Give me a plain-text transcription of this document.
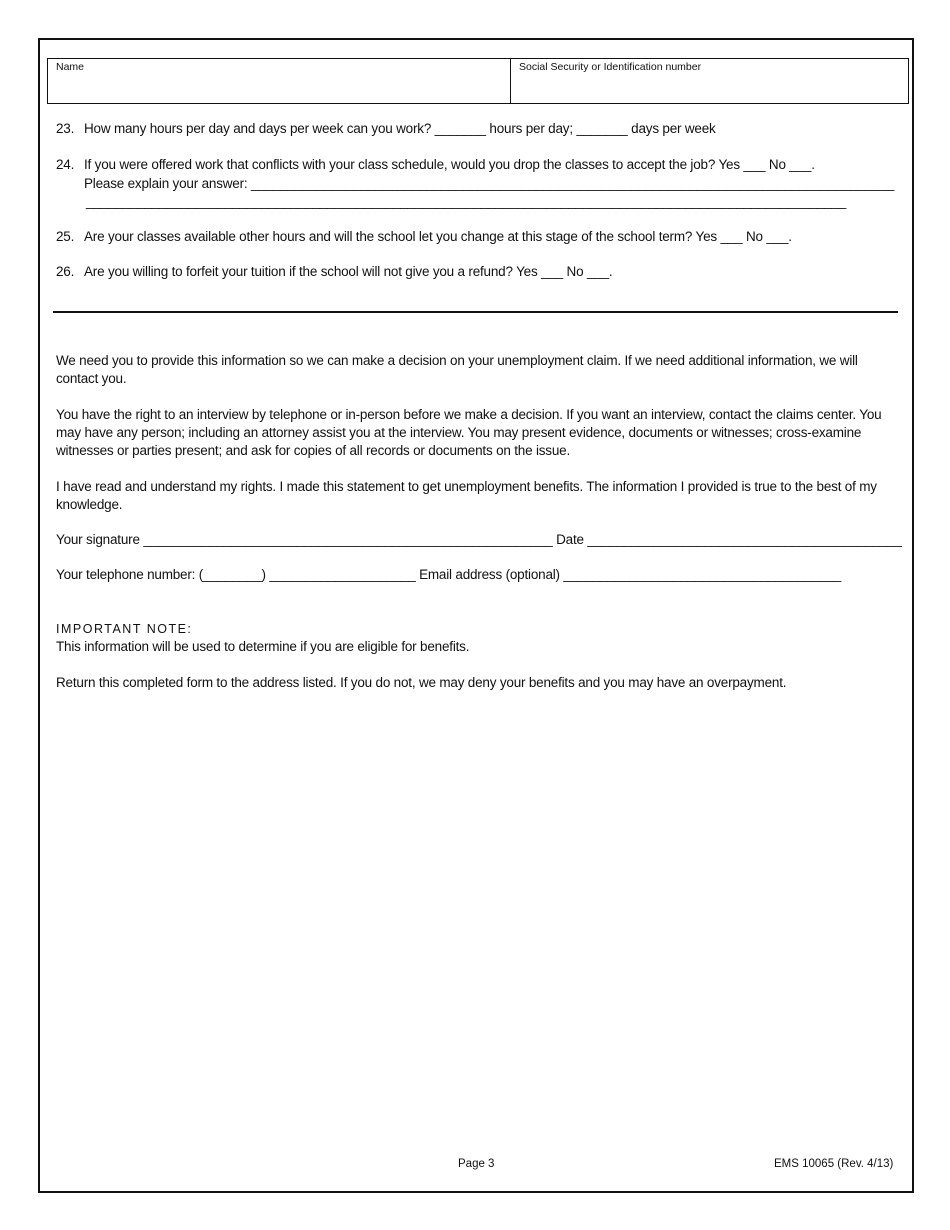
Name	Social Security or Identification number
23. How many hours per day and days per week can you work? _______ hours per day; _______ days per week
24. If you were offered work that conflicts with your class schedule, would you drop the classes to accept the job? Yes ___ No ___.
Please explain your answer: ________________________________________________________________________________________
________________________________________________________________________________________________________
25. Are your classes available other hours and will the school let you change at this stage of the school term? Yes ___ No ___.
26. Are you willing to forfeit your tuition if the school will not give you a refund? Yes ___ No ___.
We need you to provide this information so we can make a decision on your unemployment claim. If we need additional information, we will contact you.
You have the right to an interview by telephone or in-person before we make a decision. If you want an interview, contact the claims center. You may have any person; including an attorney assist you at the interview. You may present evidence, documents or witnesses; cross-examine witnesses or parties present; and ask for copies of all records or documents on the issue.
I have read and understand my rights. I made this statement to get unemployment benefits. The information I provided is true to the best of my knowledge.
Your signature ________________________________________________________ Date ___________________________________________
Your telephone number: (________) ____________________ Email address (optional) ______________________________________
IMPORTANT NOTE:
This information will be used to determine if you are eligible for benefits.
Return this completed form to the address listed. If you do not, we may deny your benefits and you may have an overpayment.
Page 3	EMS 10065 (Rev. 4/13)
